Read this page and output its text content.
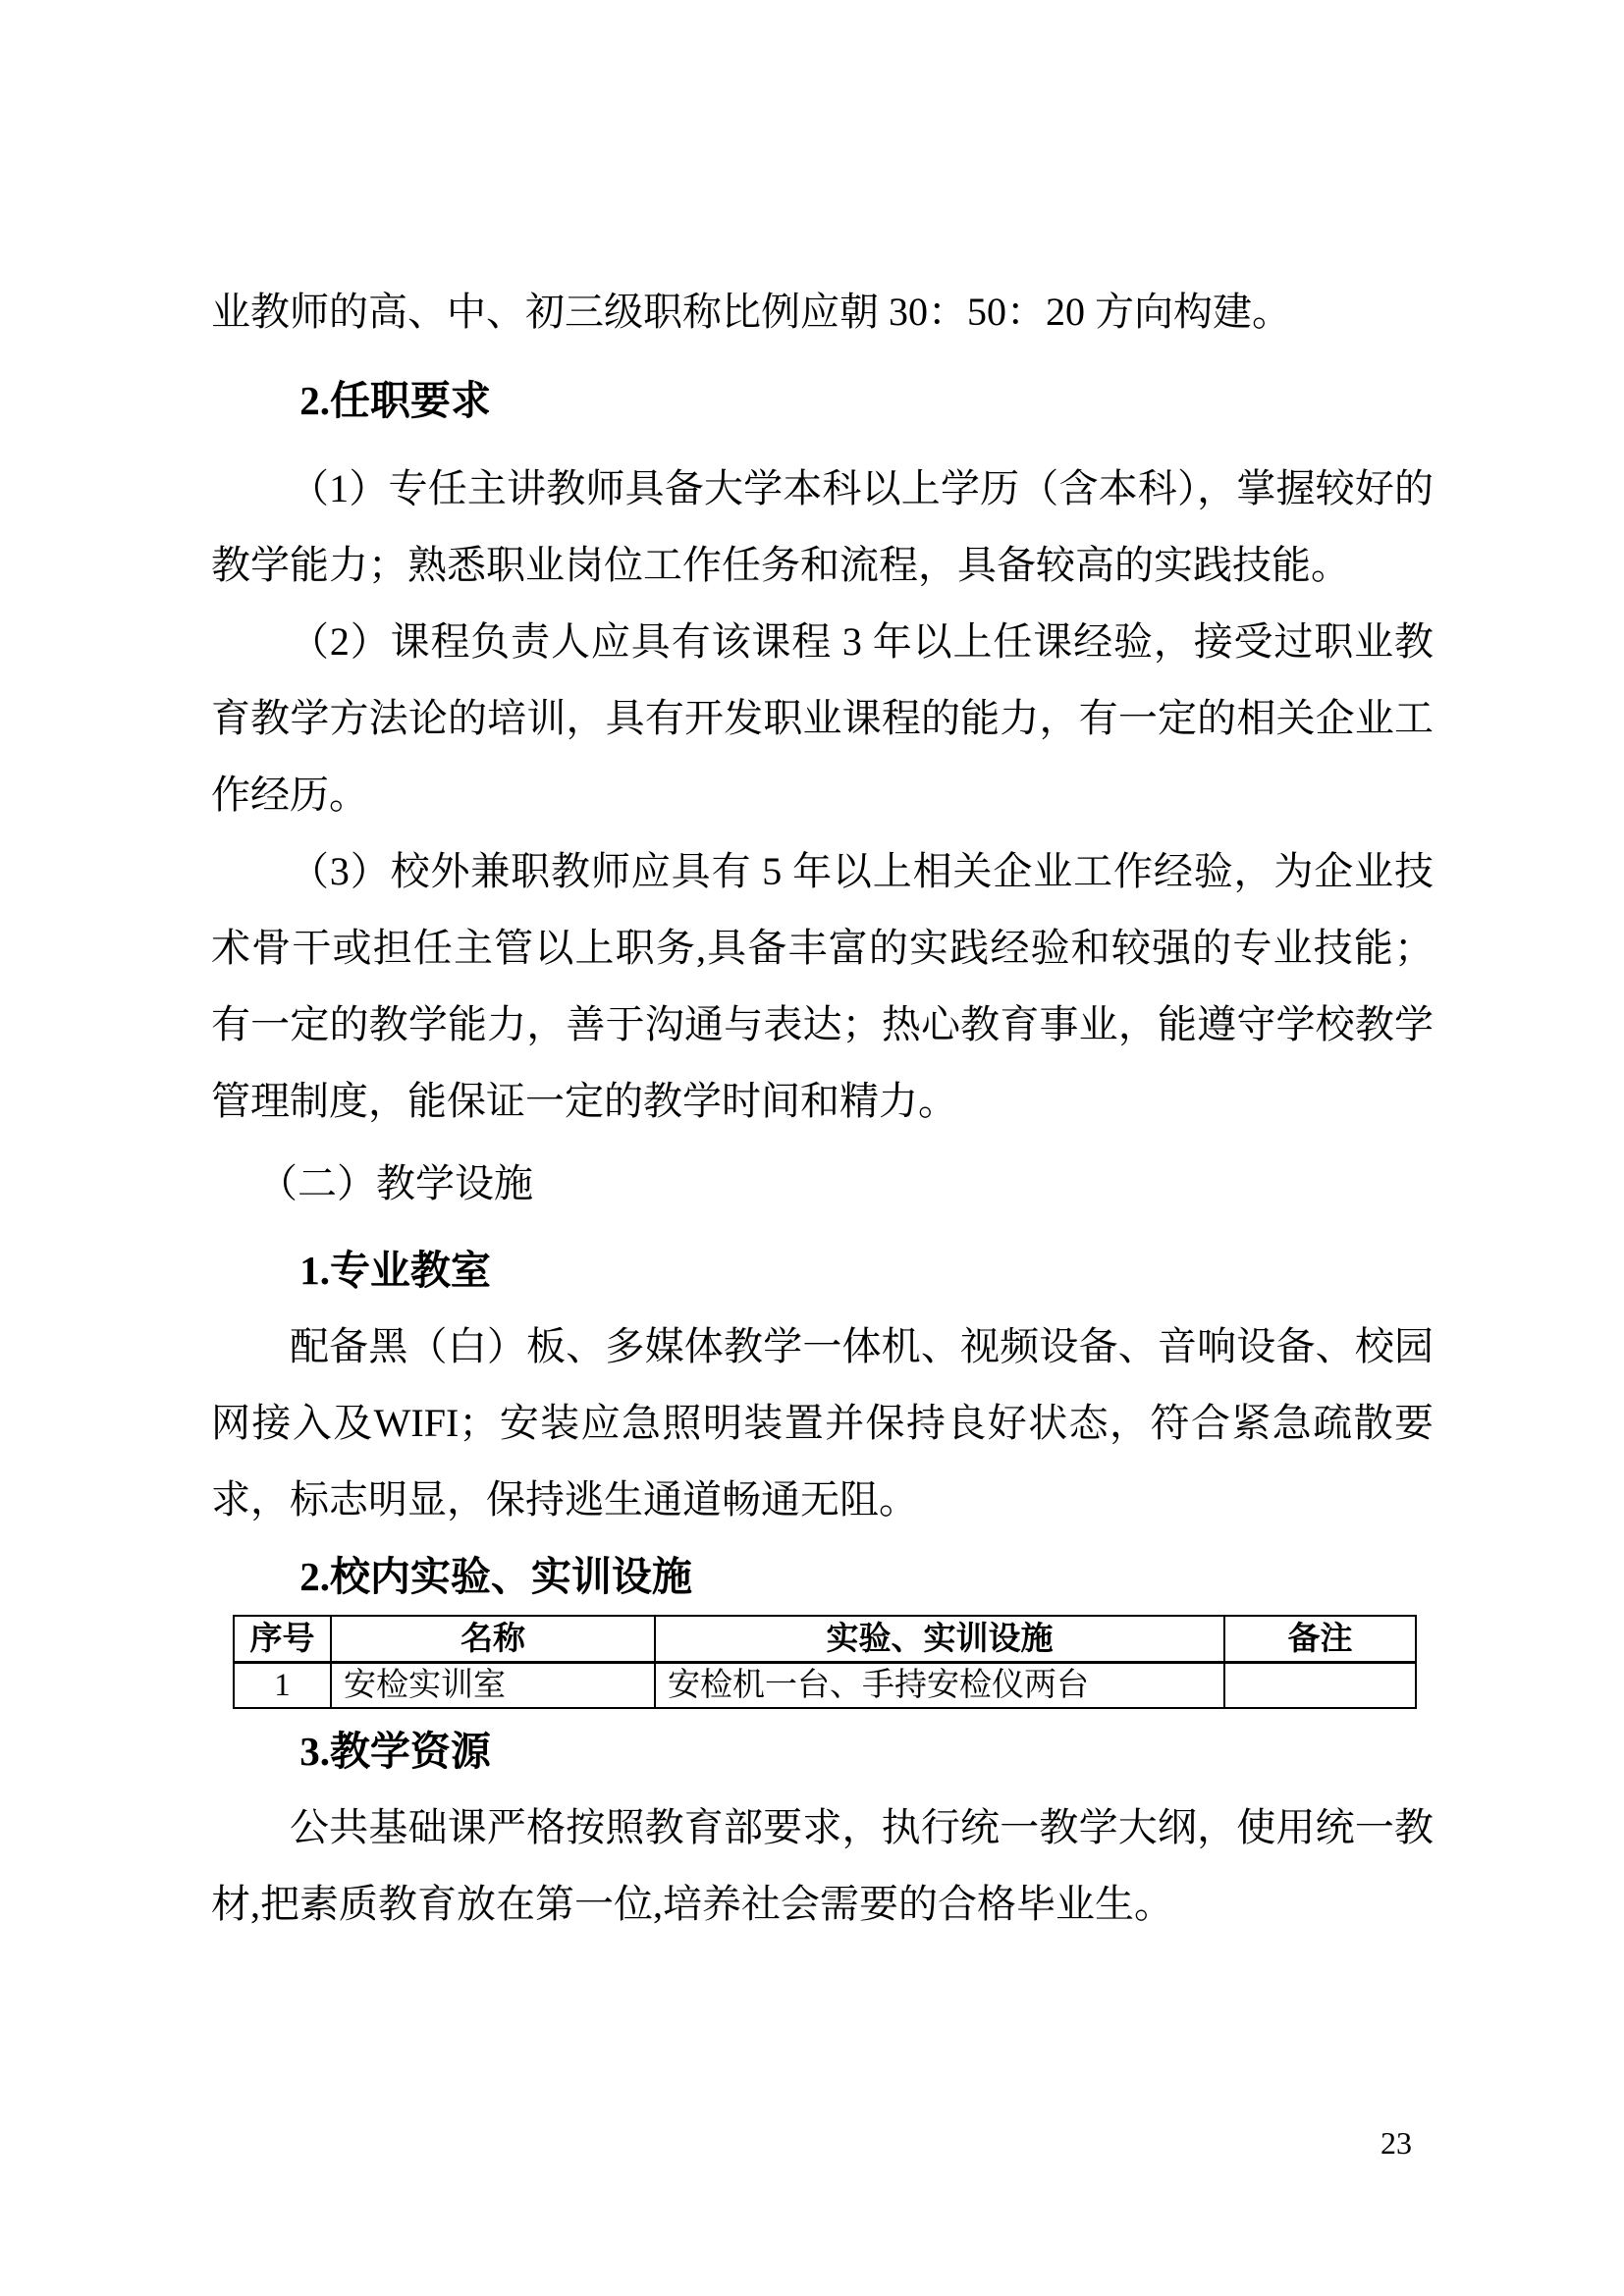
业教师的高、中、初三级职称比例应朝 30：50：20 方向构建。

2.任职要求

（1）专任主讲教师具备大学本科以上学历（含本科），掌握较好的教学能力；熟悉职业岗位工作任务和流程，具备较高的实践技能。

（2）课程负责人应具有该课程 3 年以上任课经验，接受过职业教育教学方法论的培训，具有开发职业课程的能力，有一定的相关企业工作经历。

（3）校外兼职教师应具有 5 年以上相关企业工作经验，为企业技术骨干或担任主管以上职务,具备丰富的实践经验和较强的专业技能；有一定的教学能力，善于沟通与表达；热心教育事业，能遵守学校教学管理制度，能保证一定的教学时间和精力。

（二）教学设施
1.专业教室

配备黑（白）板、多媒体教学一体机、视频设备、音响设备、校园网接入及WIFI；安装应急照明装置并保持良好状态，符合紧急疏散要求，标志明显，保持逃生通道畅通无阻。

2.校内实验、实训设施
序号	名称	实验、实训设施	备注
1	安检实训室	安检机一台、手持安检仪两台	
3.教学资源

公共基础课严格按照教育部要求，执行统一教学大纲，使用统一教材,把素质教育放在第一位,培养社会需要的合格毕业生。

23
